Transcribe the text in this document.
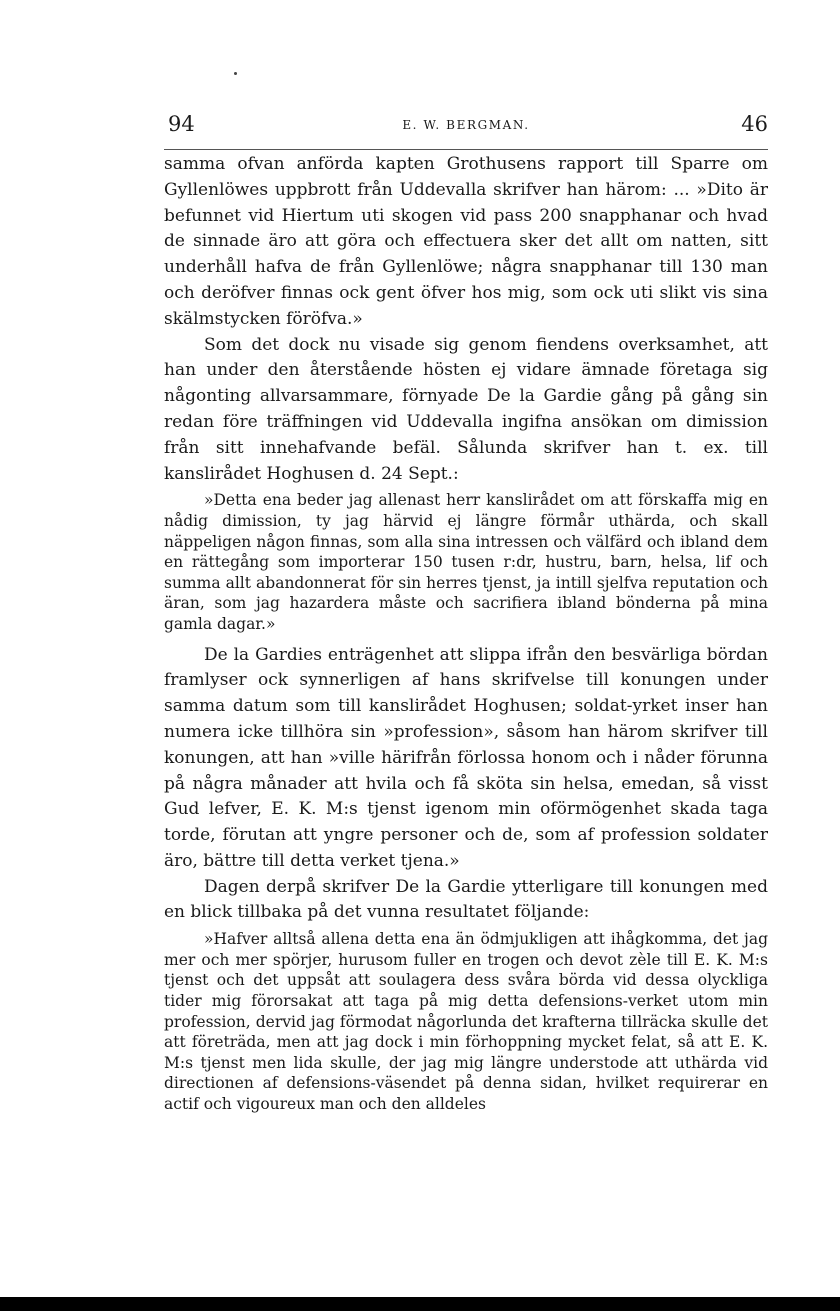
94	E. W. BERGMAN.	46

samma ofvan anförda kapten Grothusens rapport till Sparre om Gyllenlöwes uppbrott från Uddevalla skrifver han härom: ... »Dito är befunnet vid Hiertum uti skogen vid pass 200 snapphanar och hvad de sinnade äro att göra och effectuera sker det allt om natten, sitt underhåll hafva de från Gyllenlöwe; några snapphanar till 130 man och deröfver finnas ock gent öfver hos mig, som ock uti slikt vis sina skälmstycken föröfva.»

Som det dock nu visade sig genom fiendens overksamhet, att han under den återstående hösten ej vidare ämnade företaga sig någonting allvarsammare, förnyade De la Gardie gång på gång sin redan före träffningen vid Uddevalla ingifna ansökan om dimission från sitt innehafvande befäl. Sålunda skrifver han t. ex. till kanslirådet Hoghusen d. 24 Sept.:

»Detta ena beder jag allenast herr kanslirådet om att förskaffa mig en nådig dimission, ty jag härvid ej längre förmår uthärda, och skall näppeligen någon finnas, som alla sina intressen och välfärd och ibland dem en rättegång som importerar 150 tusen r:dr, hustru, barn, helsa, lif och summa allt abandonnerat för sin herres tjenst, ja intill sjelfva reputation och äran, som jag hazardera måste och sacrifiera ibland bönderna på mina gamla dagar.»

De la Gardies enträgenhet att slippa ifrån den besvärliga bördan framlyser ock synnerligen af hans skrifvelse till konungen under samma datum som till kanslirådet Hoghusen; soldat-yrket inser han numera icke tillhöra sin »profession», såsom han härom skrifver till konungen, att han »ville härifrån förlossa honom och i nåder förunna på några månader att hvila och få sköta sin helsa, emedan, så visst Gud lefver, E. K. M:s tjenst igenom min oförmögenhet skada taga torde, förutan att yngre personer och de, som af profession soldater äro, bättre till detta verket tjena.»

Dagen derpå skrifver De la Gardie ytterligare till konungen med en blick tillbaka på det vunna resultatet följande:

»Hafver alltså allena detta ena än ödmjukligen att ihågkomma, det jag mer och mer spörjer, hurusom fuller en trogen och devot zèle till E. K. M:s tjenst och det uppsåt att soulagera dess svåra börda vid dessa olyckliga tider mig förorsakat att taga på mig detta defensions-verket utom min profession, dervid jag förmodat någorlunda det krafterna tillräcka skulle det att företräda, men att jag dock i min förhoppning mycket felat, så att E. K. M:s tjenst men lida skulle, der jag mig längre understode att uthärda vid directionen af defensions-väsendet på denna sidan, hvilket requirerar en actif och vigoureux man och den alldeles
